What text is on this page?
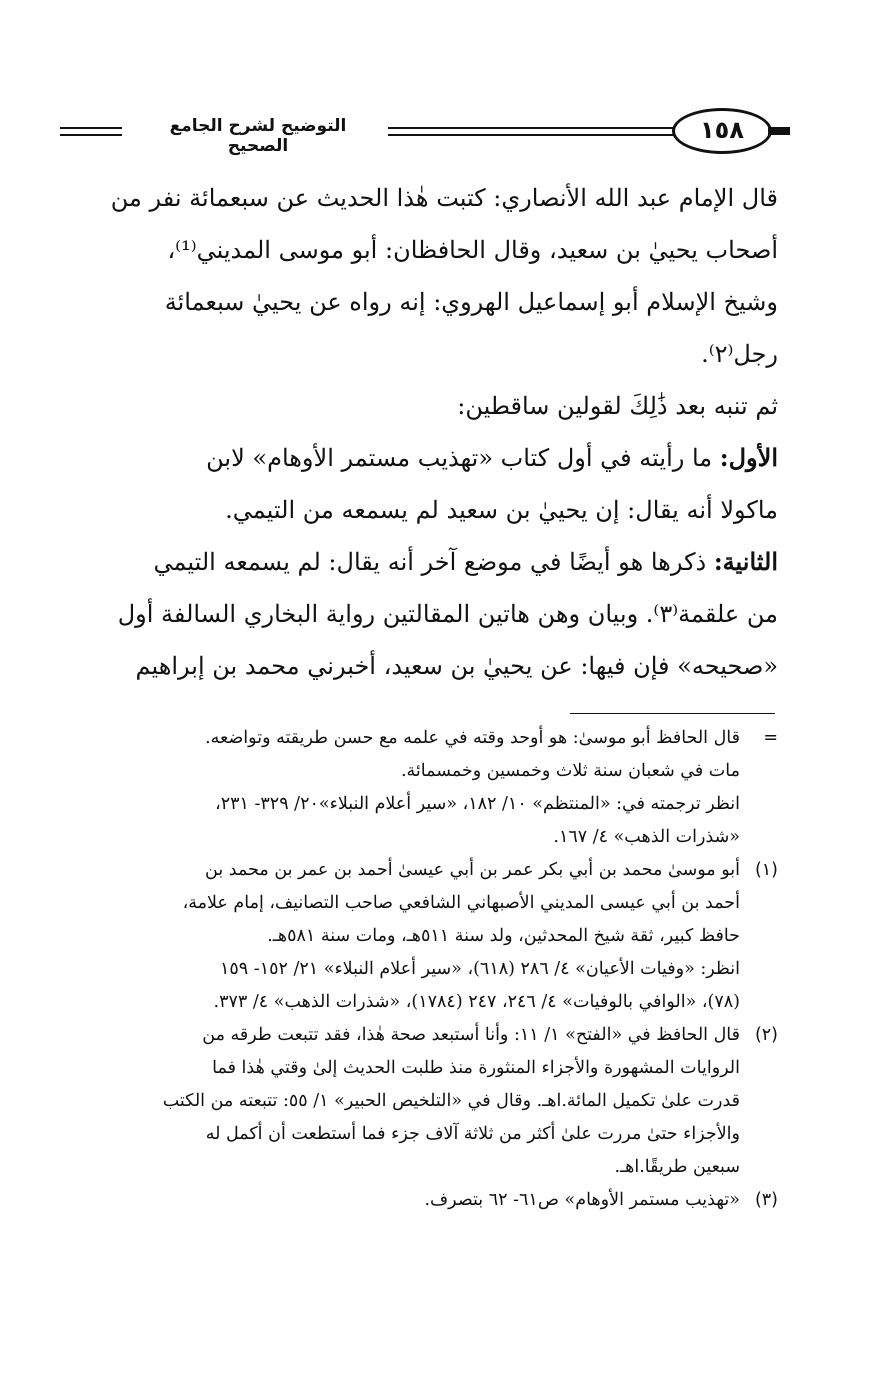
التوضيح لشرح الجامع الصحيح
١٥٨
قال الإمام عبد الله الأنصاري: كتبت هٰذا الحديث عن سبعمائة نفر من
أصحاب يحييٰ بن سعيد، وقال الحافظان: أبو موسى المديني⁽¹⁾،
وشيخ الإسلام أبو إسماعيل الهروي: إنه رواه عن يحييٰ سبعمائة
رجل⁽٢⁾.
ثم تنبه بعد ذَٰلِكَ لقولين ساقطين:
الأول: ما رأيته في أول كتاب «تهذيب مستمر الأوهام» لابن
ماكولا أنه يقال: إن يحييٰ بن سعيد لم يسمعه من التيمي.
الثانية: ذكرها هو أيضًا في موضع آخر أنه يقال: لم يسمعه التيمي
من علقمة⁽٣⁾. وبيان وهن هاتين المقالتين رواية البخاري السالفة أول
«صحيحه» فإن فيها: عن يحييٰ بن سعيد، أخبرني محمد بن إبراهيم
=
قال الحافظ أبو موسىٰ: هو أوحد وقته في علمه مع حسن طريقته وتواضعه.
مات في شعبان سنة ثلاث وخمسين وخمسمائة.
انظر ترجمته في: «المنتظم» ١٠/ ١٨٢، «سير أعلام النبلاء»٢٠/ ٣٢٩- ٢٣١،
«شذرات الذهب» ٤/ ١٦٧.
(١)
أبو موسىٰ محمد بن أبي بكر عمر بن أبي عيسىٰ أحمد بن عمر بن محمد بن
أحمد بن أبي عيسى المديني الأصبهاني الشافعي صاحب التصانيف، إمام علامة،
حافظ كبير، ثقة شيخ المحدثين، ولد سنة ٥١١هـ، ومات سنة ٥٨١هـ.
انظر: «وفيات الأعيان» ٤/ ٢٨٦ (٦١٨)، «سير أعلام النبلاء» ٢١/ ١٥٢- ١٥٩
(٧٨)، «الوافي بالوفيات» ٤/ ٢٤٦، ٢٤٧ (١٧٨٤)، «شذرات الذهب» ٤/ ٣٧٣.
(٢)
قال الحافظ في «الفتح» ١/ ١١: وأنا أستبعد صحة هٰذا، فقد تتبعت طرقه من
الروايات المشهورة والأجزاء المنثورة منذ طلبت الحديث إلىٰ وقتي هٰذا فما
قدرت علىٰ تكميل المائة.اهـ. وقال في «التلخيص الحبير» ١/ ٥٥: تتبعته من الكتب
والأجزاء حتىٰ مررت علىٰ أكثر من ثلاثة آلاف جزء فما أستطعت أن أكمل له
سبعين طريقًا.اهـ.
(٣)
«تهذيب مستمر الأوهام» ص٦١- ٦٢ بتصرف.
